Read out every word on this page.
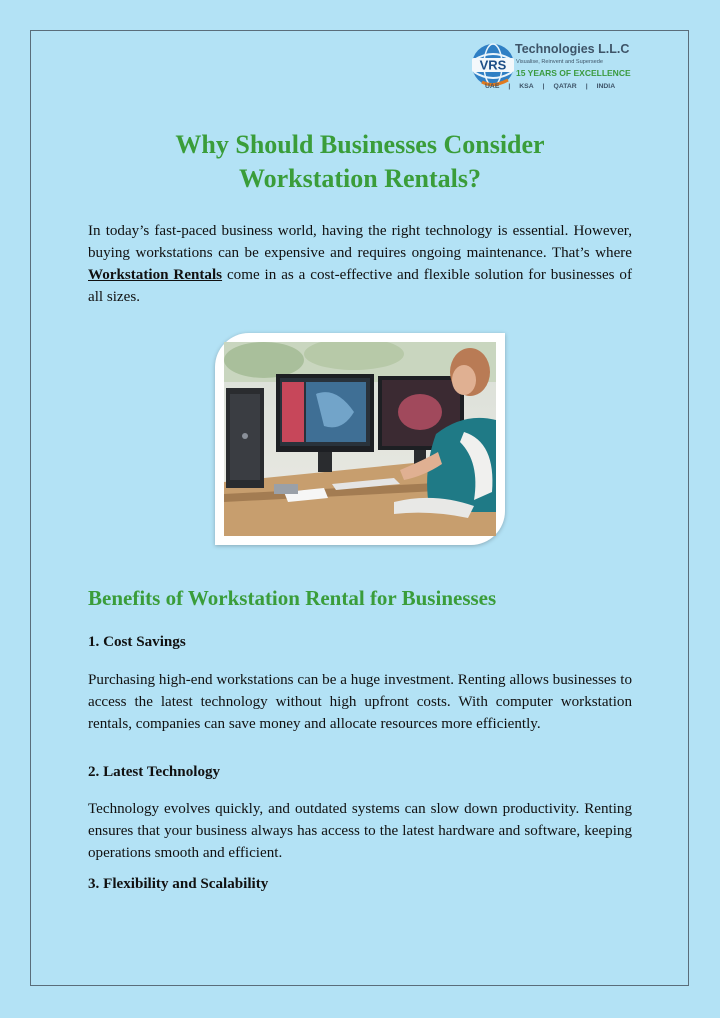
VRS
Technologies L.L.C
Visualise, Reinvent and Supersede
15 YEARS OF EXCELLENCE
UAE | KSA | QATAR | INDIA
Why Should Businesses Consider
Workstation Rentals?

In today’s fast-paced business world, having the right technology is essential. However, buying workstations can be expensive and requires ongoing maintenance. That’s where Workstation Rentals come in as a cost-effective and flexible solution for businesses of all sizes.

Benefits of Workstation Rental for Businesses
1. Cost Savings

Purchasing high-end workstations can be a huge investment. Renting allows businesses to access the latest technology without high upfront costs. With computer workstation rentals, companies can save money and allocate resources more efficiently.

2. Latest Technology

Technology evolves quickly, and outdated systems can slow down productivity. Renting ensures that your business always has access to the latest hardware and software, keeping operations smooth and efficient.

3. Flexibility and Scalability
